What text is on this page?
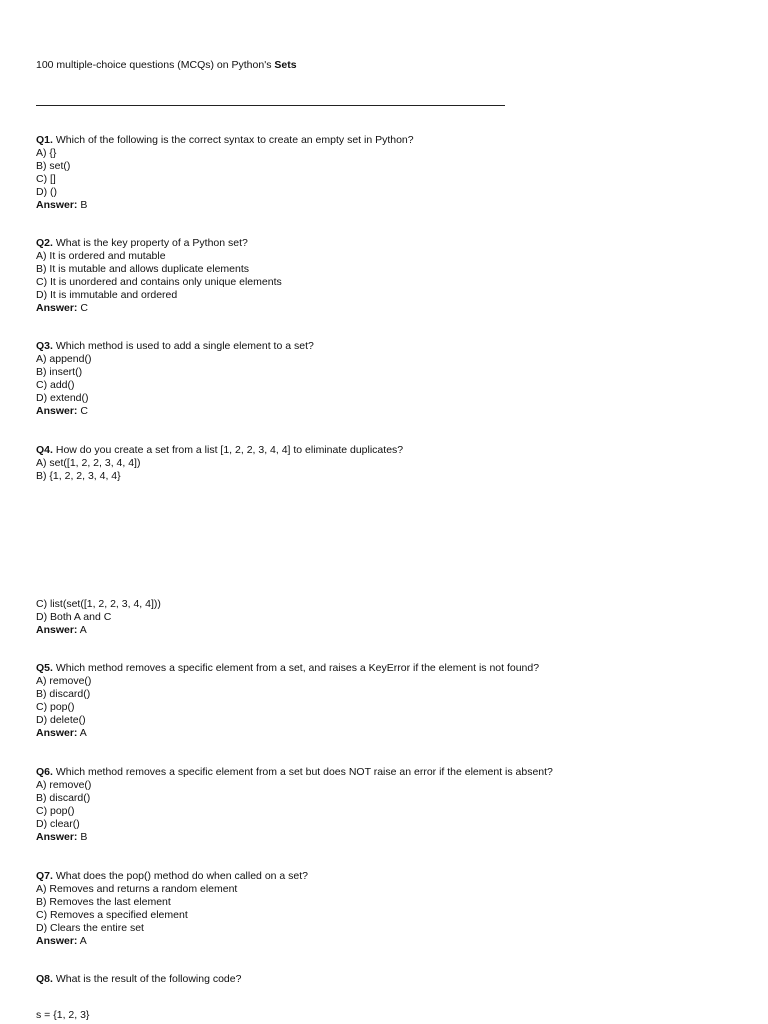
100 multiple-choice questions (MCQs) on Python's Sets
Q1. Which of the following is the correct syntax to create an empty set in Python?
A) {}
B) set()
C) []
D) ()
Answer: B
Q2. What is the key property of a Python set?
A) It is ordered and mutable
B) It is mutable and allows duplicate elements
C) It is unordered and contains only unique elements
D) It is immutable and ordered
Answer: C
Q3. Which method is used to add a single element to a set?
A) append()
B) insert()
C) add()
D) extend()
Answer: C
Q4. How do you create a set from a list [1, 2, 2, 3, 4, 4] to eliminate duplicates?
A) set([1, 2, 2, 3, 4, 4])
B) {1, 2, 2, 3, 4, 4}
C) list(set([1, 2, 2, 3, 4, 4]))
D) Both A and C
Answer: A
Q5. Which method removes a specific element from a set, and raises a KeyError if the element is not found?
A) remove()
B) discard()
C) pop()
D) delete()
Answer: A
Q6. Which method removes a specific element from a set but does NOT raise an error if the element is absent?
A) remove()
B) discard()
C) pop()
D) clear()
Answer: B
Q7. What does the pop() method do when called on a set?
A) Removes and returns a random element
B) Removes the last element
C) Removes a specified element
D) Clears the entire set
Answer: A
Q8. What is the result of the following code?
s = {1, 2, 3}
